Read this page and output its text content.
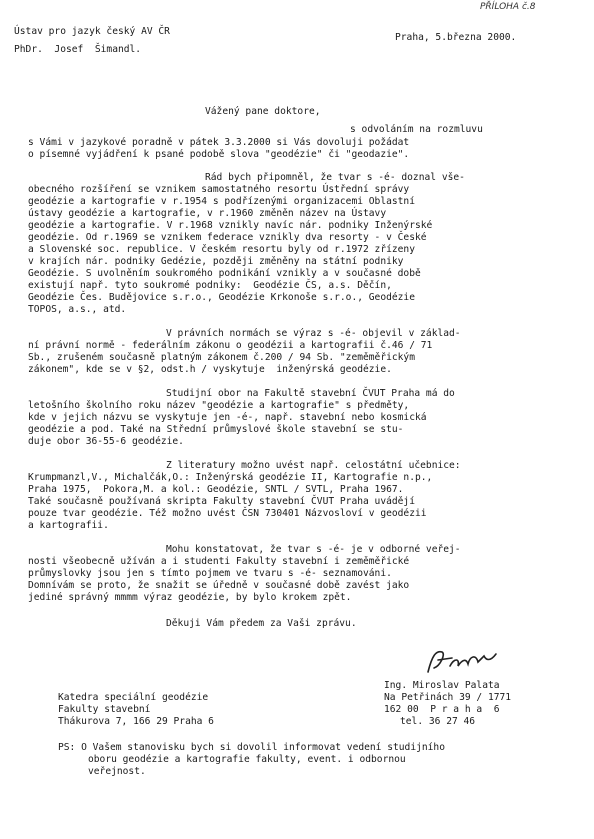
PŘÍLOHA č.8
Ústav pro jazyk český AV ČR
PhDr.  Josef  Šimandl.
Praha, 5.března 2000.
Vážený pane doktore,
s odvoláním na rozmluvu
s Vámi v jazykové poradně v pátek 3.3.2000 si Vás dovoluji požádat
o písemné vyjádření k psané podobě slova "geodézie" či "geodazie".
Rád bych připomněl, že tvar s -é- doznal vše-
obecného rozšíření se vznikem samostatného resortu Ústřední správy
geodézie a kartografie v r.1954 s podřízenými organizacemi Oblastní
ústavy geodézie a kartografie, v r.1960 změněn název na Ústavy
geodézie a kartografie. V r.1968 vznikly navíc nár. podniky Inženýrské
geodézie. Od r.1969 se vznikem federace vznikly dva resorty - v České
a Slovenské soc. republice. V českém resortu byly od r.1972 zřízeny
v krajích nár. podniky Gedézie, později změněny na státní podniky
Geodézie. S uvolněním soukromého podnikání vznikly a v současné době
existují např. tyto soukromé podniky:  Geodézie ČS, a.s. Děčín,
Geodézie Čes. Budějovice s.r.o., Geodézie Krkonoše s.r.o., Geodézie
TOPOS, a.s., atd.
V právních normách se výraz s -é- objevil v základ-
ní právní normě - federálním zákonu o geodézii a kartografii č.46 / 71
Sb., zrušeném současně platným zákonem č.200 / 94 Sb. "zeměměřickým
zákonem", kde se v §2, odst.h / vyskytuje  inženýrská geodézie.
Studijní obor na Fakultě stavební ČVUT Praha má do
letošního školního roku název "geodézie a kartografie" s předměty,
kde v jejich názvu se vyskytuje jen -é-, např. stavební nebo kosmická
geodézie a pod. Také na Střední průmyslové škole stavební se stu-
duje obor 36-55-6 geodézie.
Z literatury možno uvést např. celostátní učebnice:
Krumpmanzl,V., Michalčák,O.: Inženýrská geodézie II, Kartografie n.p.,
Praha 1975,  Pokora,M. a kol.: Geodézie, SNTL / SVTL, Praha 1967.
Také současně používaná skripta Fakulty stavební ČVUT Praha uvádějí
pouze tvar geodézie. Též možno uvést ČSN 730401 Názvosloví v geodézii
a kartografii.
Mohu konstatovat, že tvar s -é- je v odborné veřej-
nosti všeobecně užíván a i studenti Fakulty stavební i zeměměřické
průmyslovky jsou jen s tímto pojmem ve tvaru s -é- seznamováni.
Domnívám se proto, že snažit se úředně v současné době zavést jako
jediné správný mmmm výraz geodézie, by bylo krokem zpět.
Děkuji Vám předem za Vaši zprávu.
Ing. Miroslav Palata
Na Petřinách 39 / 1771
162 00  P r a h a  6
tel. 36 27 46
Katedra speciální geodézie
Fakulty stavební
Thákurova 7, 166 29 Praha 6
PS: O Vašem stanovisku bych si dovolil informovat vedení studijního
oboru geodézie a kartografie fakulty, event. i odbornou
veřejnost.
